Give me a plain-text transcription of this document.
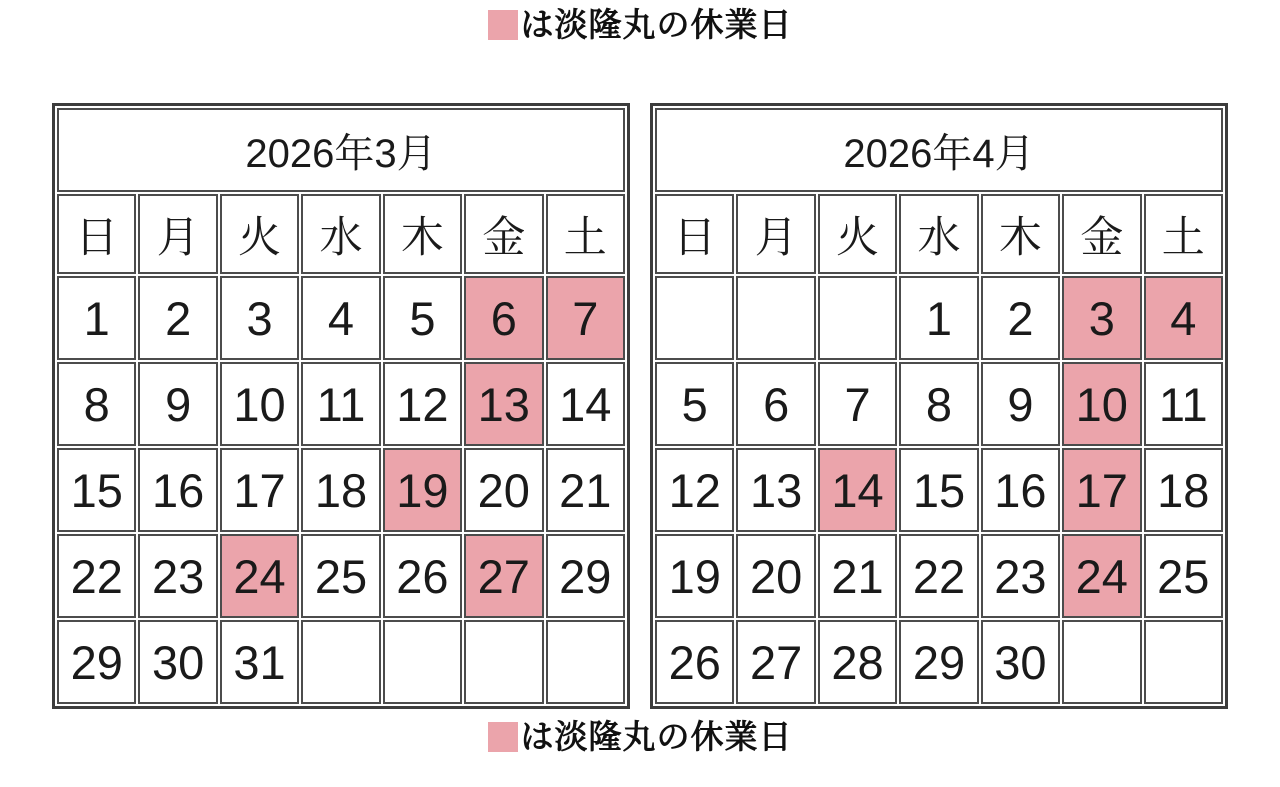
は淡隆丸の休業日
2026年3月						
日	月	火	水	木	金	土
1	2	3	4	5	6	7
8	9	10	11	12	13	14
15	16	17	18	19	20	21
22	23	24	25	26	27	29
29	30	31				
2026年4月						
日	月	火	水	木	金	土
			1	2	3	4
5	6	7	8	9	10	11
12	13	14	15	16	17	18
19	20	21	22	23	24	25
26	27	28	29	30		
は淡隆丸の休業日
